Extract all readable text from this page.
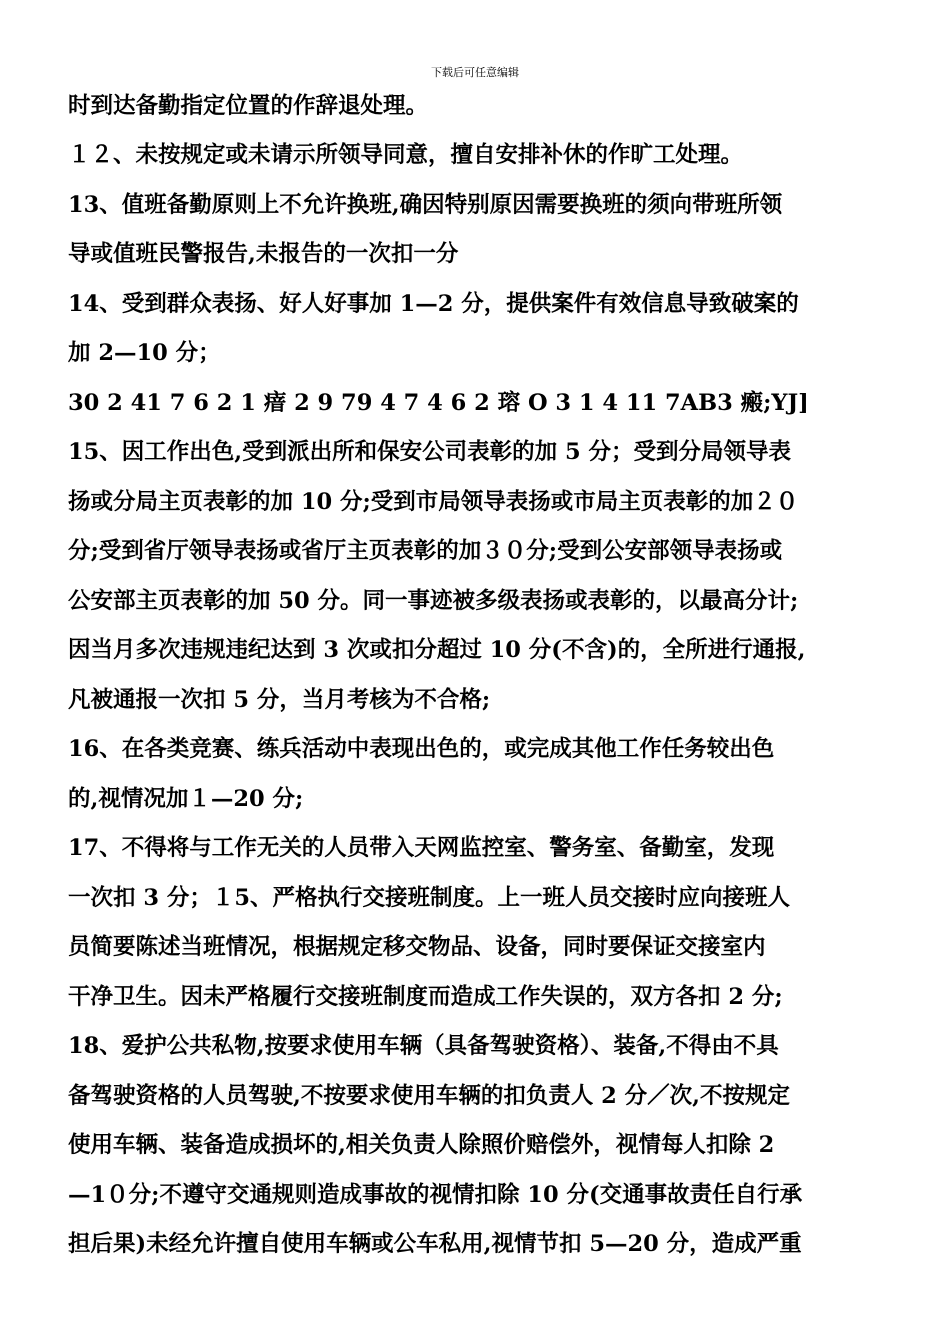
下载后可任意编辑
时到达备勤指定位置的作辞退处理。
１２、未按规定或未请示所领导同意，擅自安排补休的作旷工处理。
13、值班备勤原则上不允许换班,确因特别原因需要换班的须向带班所领
导或值班民警报告,未报告的一次扣一分
14、受到群众表扬、好人好事加 1—2 分，提供案件有效信息导致破案的
加 2—10 分；
30 2 41 7 6 2 1 瘖 2 9 79 4 7 4 6 2 瑢 O 3 1 4 11 7AB3 瘢;YJ]
15、因工作出色,受到派出所和保安公司表彰的加 5 分；受到分局领导表
扬或分局主页表彰的加 10 分;受到市局领导表扬或市局主页表彰的加２０
分;受到省厅领导表扬或省厅主页表彰的加３０分;受到公安部领导表扬或
公安部主页表彰的加 50 分。同一事迹被多级表扬或表彰的，以最高分计;
因当月多次违规违纪达到 3 次或扣分超过 10 分(不含)的，全所进行通报,
凡被通报一次扣 5 分，当月考核为不合格;
16、在各类竞赛、练兵活动中表现出色的，或完成其他工作任务较出色
的,视情况加１—20 分;
17、不得将与工作无关的人员带入天网监控室、警务室、备勤室，发现
一次扣 3 分；１5、严格执行交接班制度。上一班人员交接时应向接班人
员简要陈述当班情况，根据规定移交物品、设备，同时要保证交接室内
干净卫生。因未严格履行交接班制度而造成工作失误的，双方各扣 2 分;
18、爱护公共私物,按要求使用车辆（具备驾驶资格）、装备,不得由不具
备驾驶资格的人员驾驶,不按要求使用车辆的扣负责人 2 分／次,不按规定
使用车辆、装备造成损坏的,相关负责人除照价赔偿外，视情每人扣除 2
—1０分;不遵守交通规则造成事故的视情扣除 10 分(交通事故责任自行承
担后果)未经允许擅自使用车辆或公车私用,视情节扣 5—20 分，造成严重
